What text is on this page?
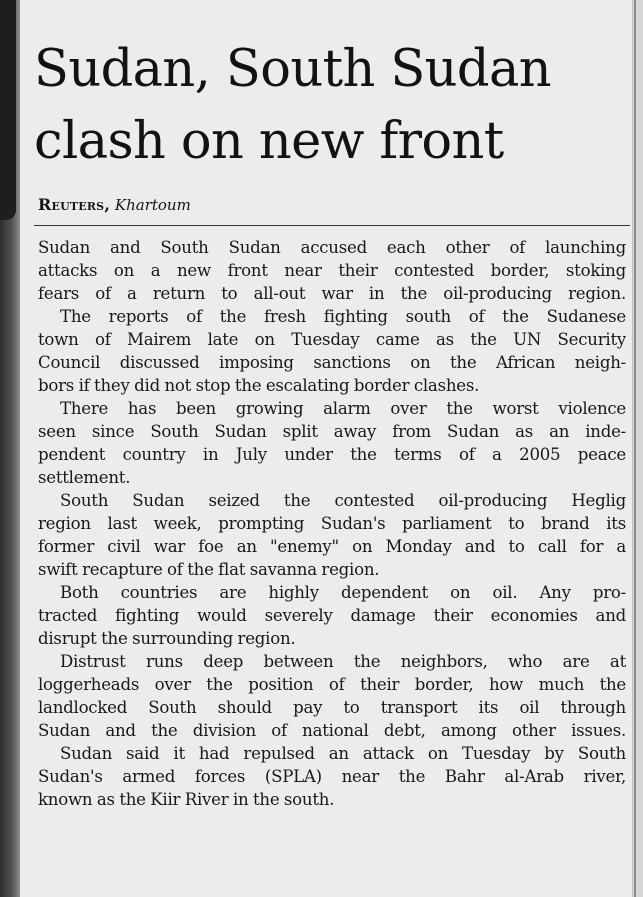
Sudan, South Sudan
clash on new front
Reuters, Khartoum
Sudan and South Sudan accused each other of launching
attacks on a new front near their contested border, stoking
fears of a return to all-out war in the oil-producing region.
The reports of the fresh fighting south of the Sudanese
town of Mairem late on Tuesday came as the UN Security
Council discussed imposing sanctions on the African neigh-
bors if they did not stop the escalating border clashes.
There has been growing alarm over the worst violence
seen since South Sudan split away from Sudan as an inde-
pendent country in July under the terms of a 2005 peace
settlement.
South Sudan seized the contested oil-producing Heglig
region last week, prompting Sudan's parliament to brand its
former civil war foe an "enemy" on Monday and to call for a
swift recapture of the flat savanna region.
Both countries are highly dependent on oil. Any pro-
tracted fighting would severely damage their economies and
disrupt the surrounding region.
Distrust runs deep between the neighbors, who are at
loggerheads over the position of their border, how much the
landlocked South should pay to transport its oil through
Sudan and the division of national debt, among other issues.
Sudan said it had repulsed an attack on Tuesday by South
Sudan's armed forces (SPLA) near the Bahr al-Arab river,
known as the Kiir River in the south.
